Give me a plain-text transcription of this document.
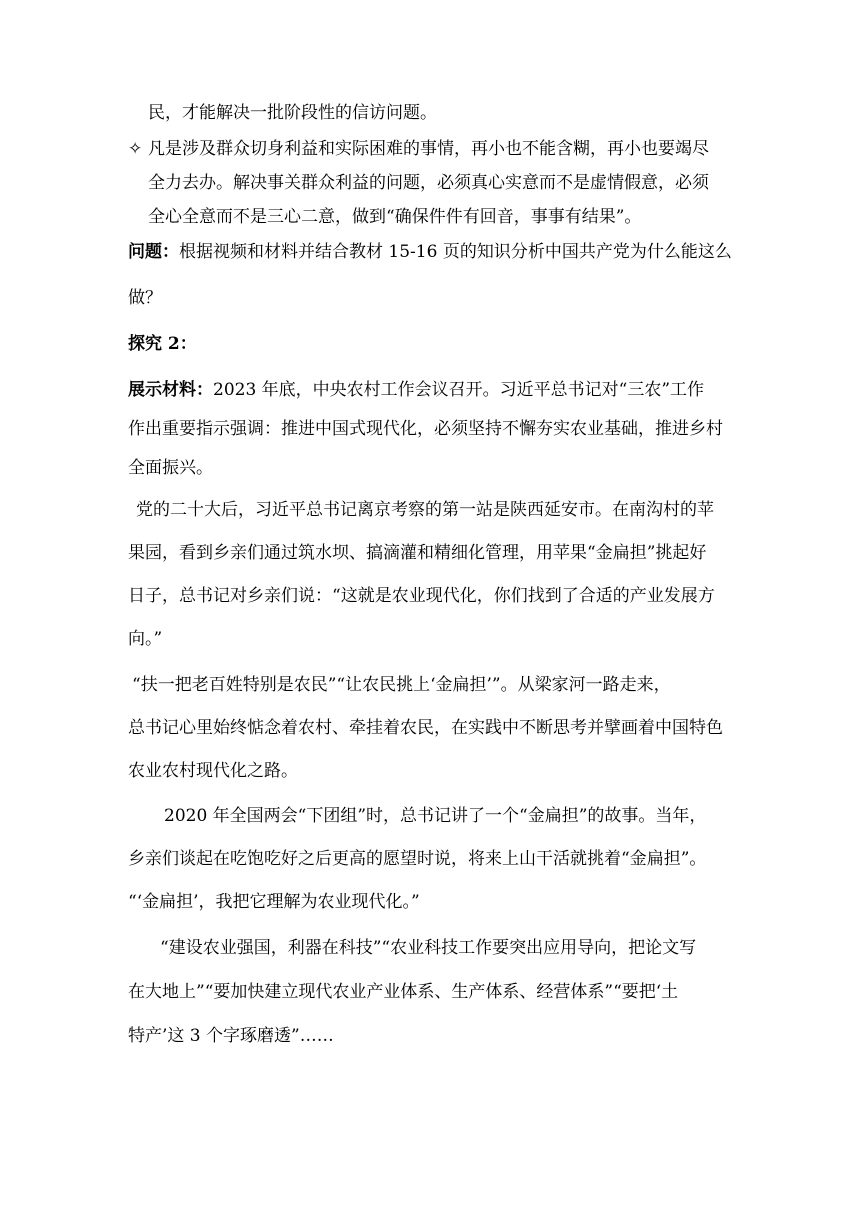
民，才能解决一批阶段性的信访问题。
✧ 凡是涉及群众切身利益和实际困难的事情，再小也不能含糊，再小也要竭尽
全力去办。解决事关群众利益的问题，必须真心实意而不是虚情假意，必须
全心全意而不是三心二意，做到“确保件件有回音，事事有结果”。
问题：根据视频和材料并结合教材 15-16 页的知识分析中国共产党为什么能这么
做？
探究 2：
展示材料：2023 年底，中央农村工作会议召开。习近平总书记对“三农”工作
作出重要指示强调：推进中国式现代化，必须坚持不懈夯实农业基础，推进乡村
全面振兴。
党的二十大后，习近平总书记离京考察的第一站是陕西延安市。在南沟村的苹
果园，看到乡亲们通过筑水坝、搞滴灌和精细化管理，用苹果“金扁担”挑起好
日子，总书记对乡亲们说：“这就是农业现代化，你们找到了合适的产业发展方
向。”
“扶一把老百姓特别是农民”“让农民挑上‘金扁担’”。从梁家河一路走来，
总书记心里始终惦念着农村、牵挂着农民，在实践中不断思考并擘画着中国特色
农业农村现代化之路。
2020 年全国两会“下团组”时，总书记讲了一个“金扁担”的故事。当年，
乡亲们谈起在吃饱吃好之后更高的愿望时说，将来上山干活就挑着“金扁担”。
“‘金扁担’，我把它理解为农业现代化。”
“建设农业强国，利器在科技”“农业科技工作要突出应用导向，把论文写
在大地上”“要加快建立现代农业产业体系、生产体系、经营体系”“要把‘土
特产’这 3 个字琢磨透”……
